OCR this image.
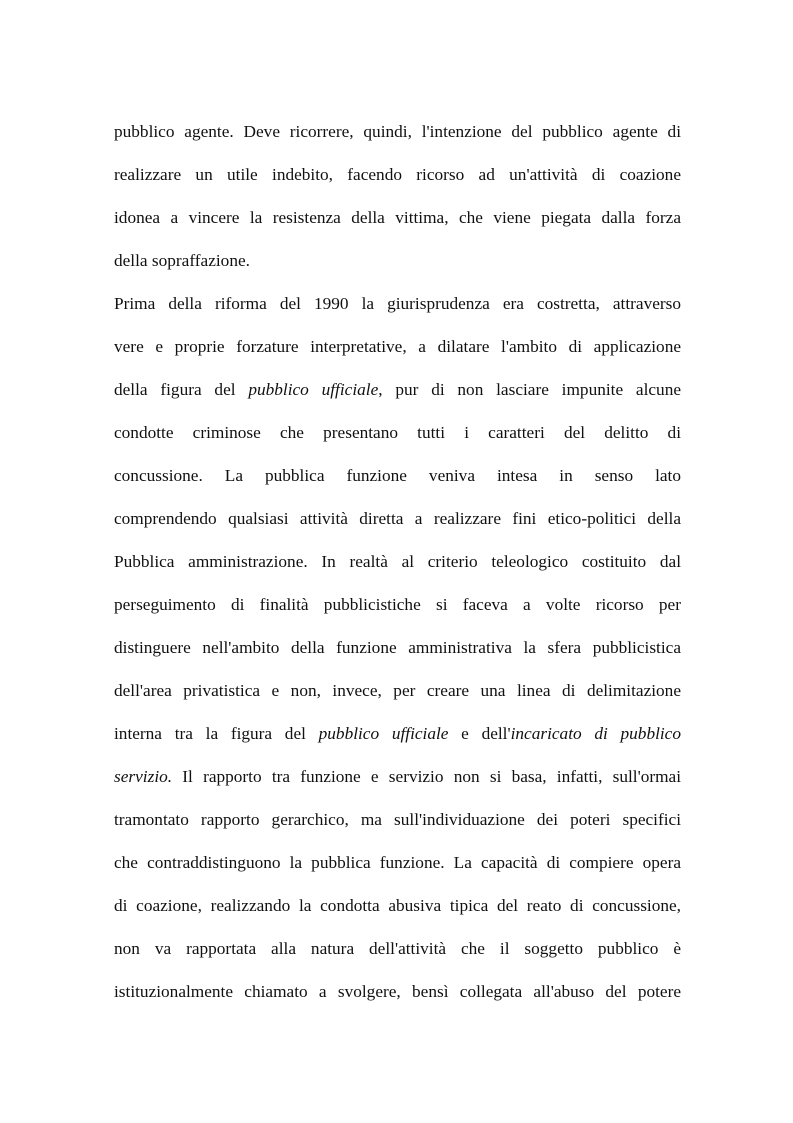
pubblico agente. Deve ricorrere, quindi, l'intenzione del pubblico agente di
realizzare un utile indebito, facendo ricorso ad un'attività di coazione
idonea a vincere la resistenza della vittima, che viene piegata dalla forza
della sopraffazione.
Prima della riforma del 1990 la giurisprudenza era costretta, attraverso
vere e proprie forzature interpretative, a dilatare l'ambito di applicazione
della figura del pubblico ufficiale, pur di non lasciare impunite alcune
condotte criminose che presentano tutti i caratteri del delitto di
concussione. La pubblica funzione veniva intesa in senso lato
comprendendo qualsiasi attività diretta a realizzare fini etico-politici della
Pubblica amministrazione. In realtà al criterio teleologico costituito dal
perseguimento di finalità pubblicistiche si faceva a volte ricorso per
distinguere nell'ambito della funzione amministrativa la sfera pubblicistica
dell'area privatistica e non, invece, per creare una linea di delimitazione
interna tra la figura del pubblico ufficiale e dell'incaricato di pubblico
servizio. Il rapporto tra funzione e servizio non si basa, infatti, sull'ormai
tramontato rapporto gerarchico, ma sull'individuazione dei poteri specifici
che contraddistinguono la pubblica funzione. La capacità di compiere opera
di coazione, realizzando la condotta abusiva tipica del reato di concussione,
non va rapportata alla natura dell'attività che il soggetto pubblico è
istituzionalmente chiamato a svolgere, bensì collegata all'abuso del potere
